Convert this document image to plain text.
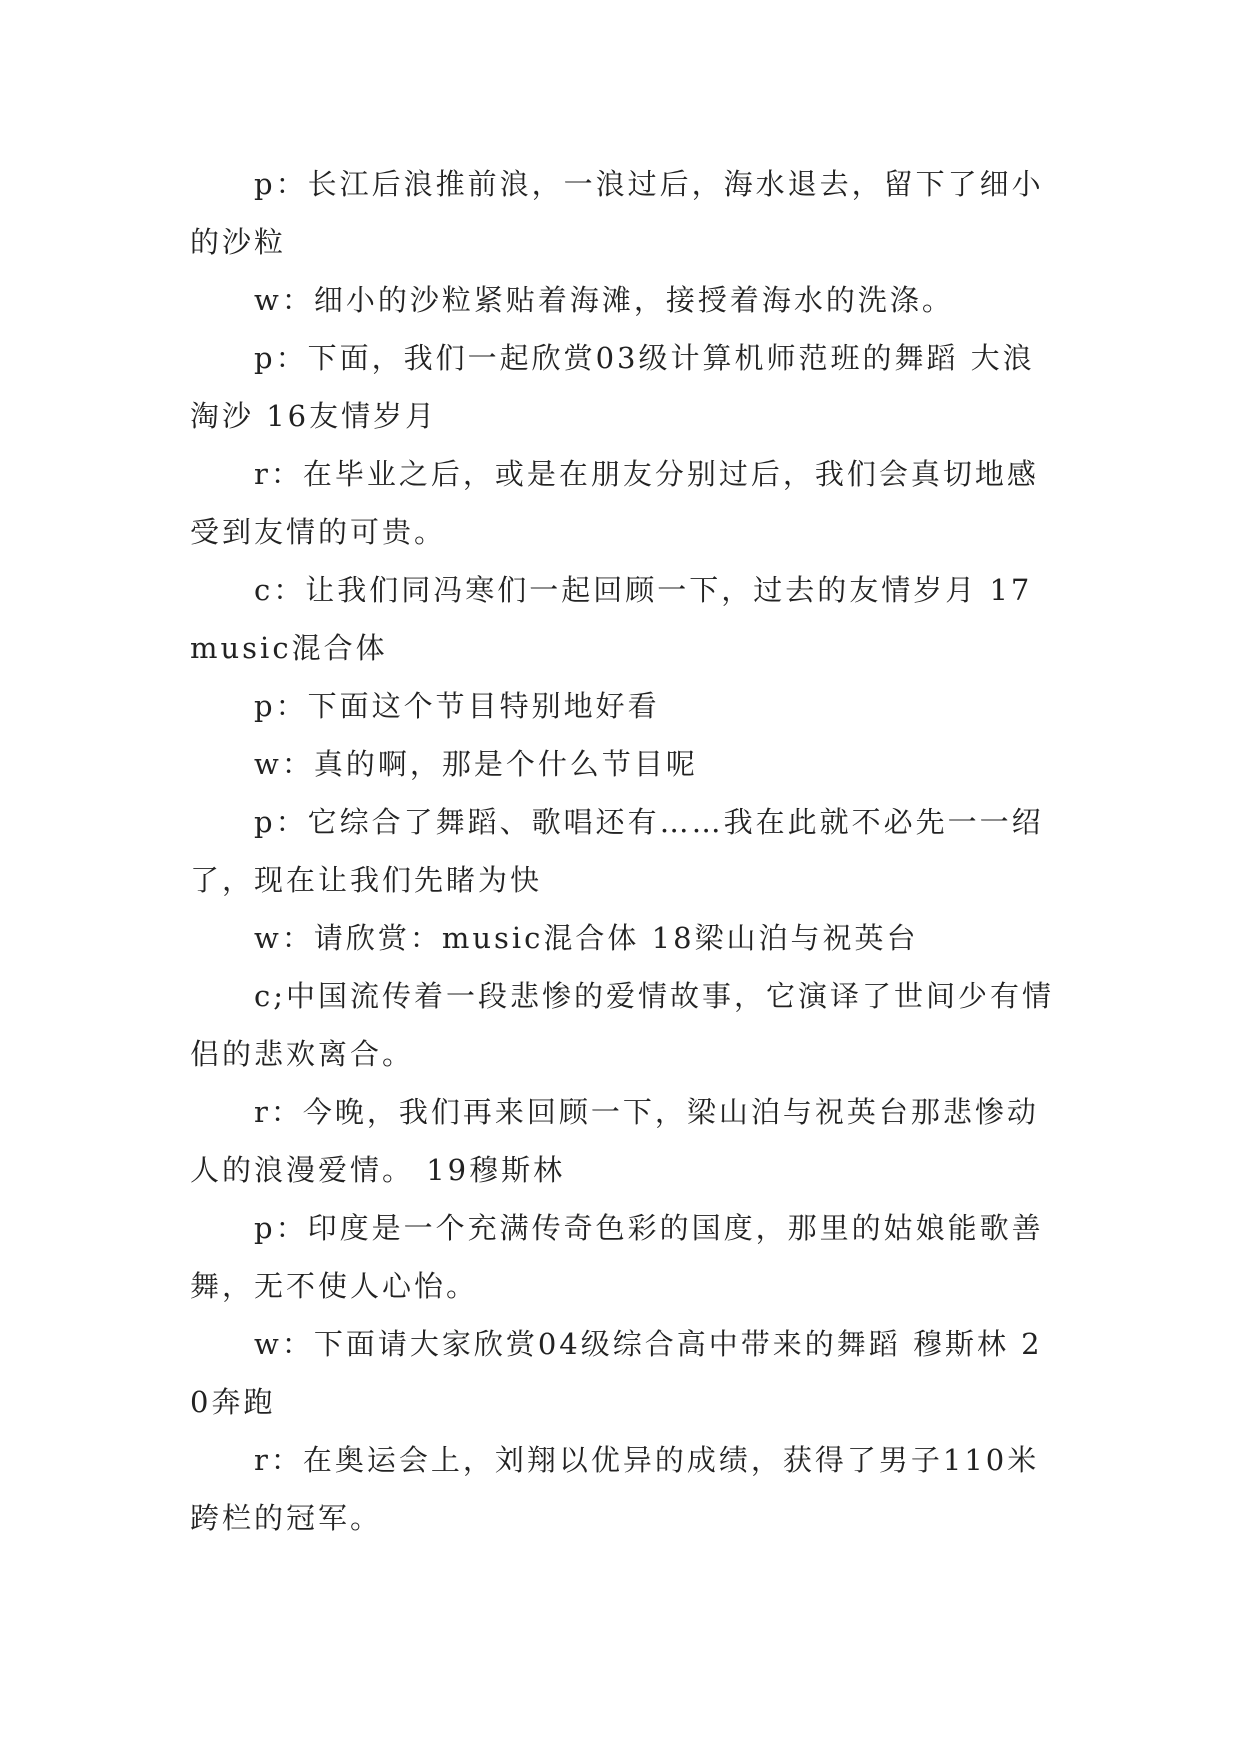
p：长江后浪推前浪，一浪过后，海水退去，留下了细小的沙粒

w：细小的沙粒紧贴着海滩，接授着海水的洗涤。

p：下面，我们一起欣赏03级计算机师范班的舞蹈 大浪淘沙 16友情岁月

r：在毕业之后，或是在朋友分别过后，我们会真切地感受到友情的可贵。

c：让我们同冯寒们一起回顾一下，过去的友情岁月 17 music混合体

p：下面这个节目特别地好看

w：真的啊，那是个什么节目呢

p：它综合了舞蹈、歌唱还有……我在此就不必先一一绍了，现在让我们先睹为快

w：请欣赏：music混合体 18梁山泊与祝英台

c;中国流传着一段悲惨的爱情故事，它演译了世间少有情侣的悲欢离合。

r：今晚，我们再来回顾一下，梁山泊与祝英台那悲惨动人的浪漫爱情。 19穆斯林

p：印度是一个充满传奇色彩的国度，那里的姑娘能歌善舞，无不使人心怡。

w：下面请大家欣赏04级综合高中带来的舞蹈 穆斯林 20奔跑

r：在奥运会上，刘翔以优异的成绩，获得了男子110米跨栏的冠军。
